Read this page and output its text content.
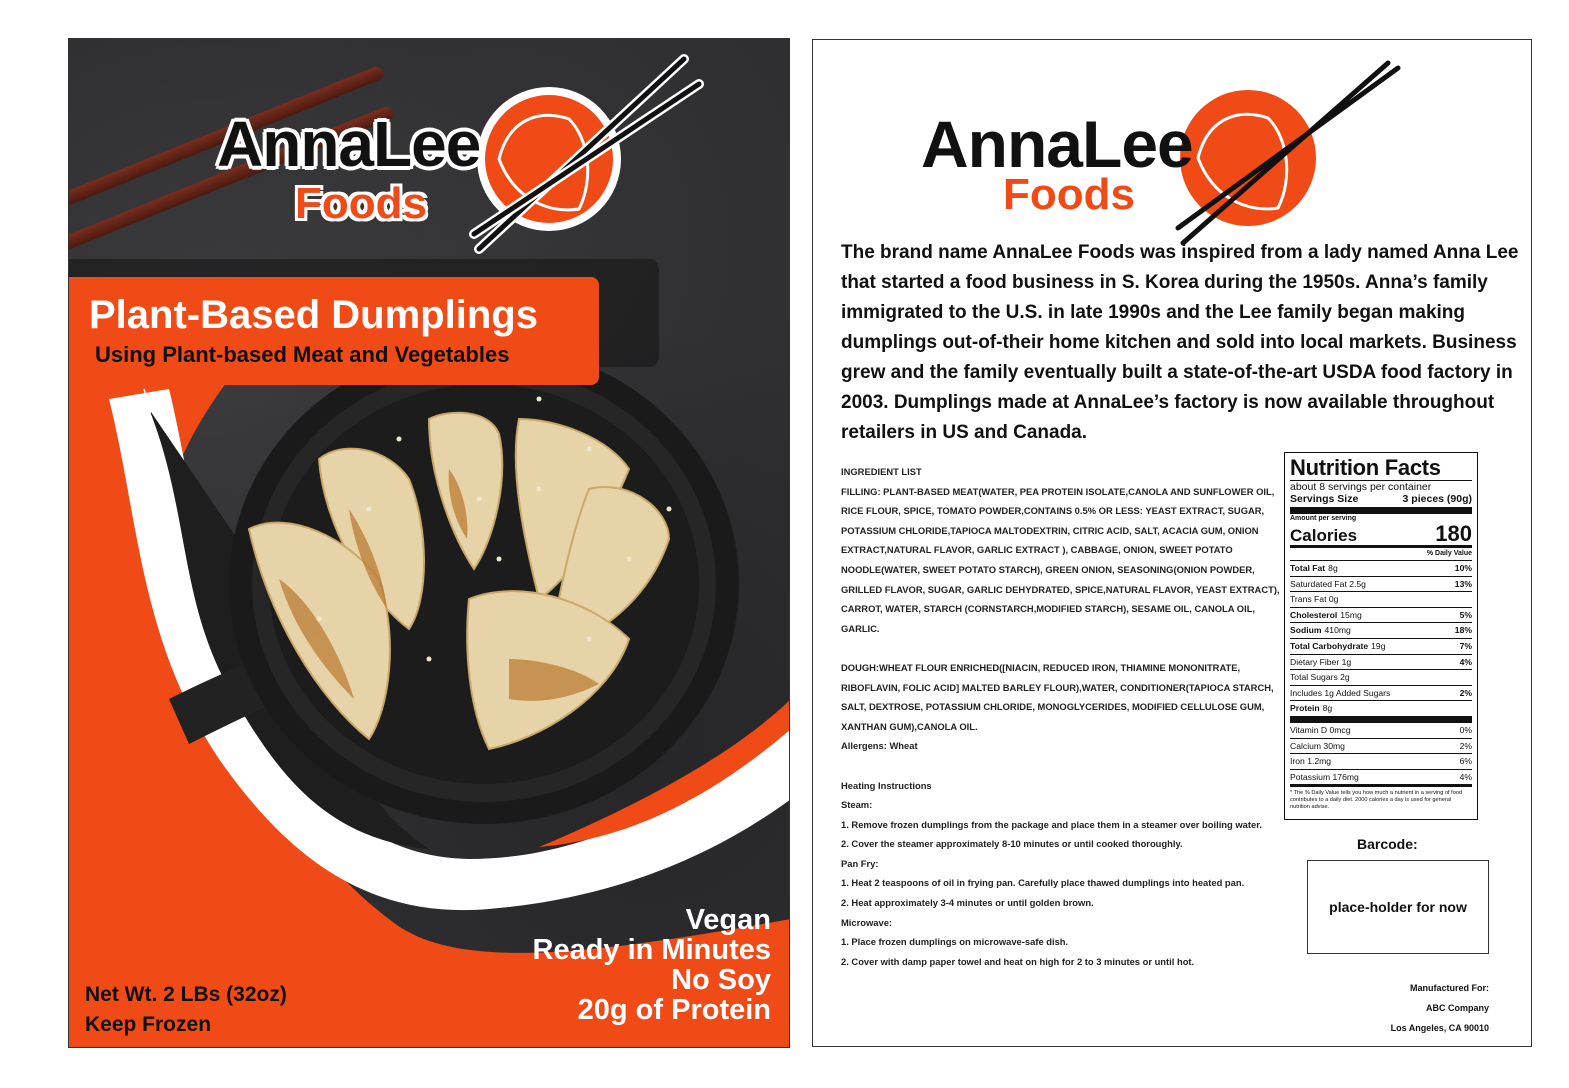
AnnaLee
Foods
Plant-Based Dumplings
Using Plant-based Meat and Vegetables
Vegan
Ready in Minutes
No Soy
20g of Protein
Net Wt. 2 LBs (32oz)
Keep Frozen
AnnaLee
Foods
The brand name AnnaLee Foods was inspired from a lady named Anna Lee that started a food business in S. Korea during the 1950s. Anna’s family immigrated to the U.S. in late 1990s and the Lee family began making dumplings out-of-their home kitchen and sold into local markets. Business grew and the family eventually built a state-of-the-art USDA food factory in 2003. Dumplings made at AnnaLee’s factory is now available throughout retailers in US and Canada.

INGREDIENT LIST

FILLING: PLANT-BASED MEAT(WATER, PEA PROTEIN ISOLATE,CANOLA AND SUNFLOWER OIL, RICE FLOUR, SPICE, TOMATO POWDER,CONTAINS 0.5% OR LESS: YEAST EXTRACT, SUGAR, POTASSIUM CHLORIDE,TAPIOCA MALTODEXTRIN, CITRIC ACID, SALT, ACACIA GUM, ONION EXTRACT,NATURAL FLAVOR, GARLIC EXTRACT ), CABBAGE, ONION, SWEET POTATO NOODLE(WATER, SWEET POTATO STARCH), GREEN ONION, SEASONING(ONION POWDER, GRILLED FLAVOR, SUGAR, GARLIC DEHYDRATED, SPICE,NATURAL FLAVOR, YEAST EXTRACT), CARROT, WATER, STARCH (CORNSTARCH,MODIFIED STARCH), SESAME OIL, CANOLA OIL, GARLIC.

DOUGH:WHEAT FLOUR ENRICHED([NIACIN, REDUCED IRON, THIAMINE MONONITRATE, RIBOFLAVIN, FOLIC ACID] MALTED BARLEY FLOUR),WATER, CONDITIONER(TAPIOCA STARCH, SALT, DEXTROSE, POTASSIUM CHLORIDE, MONOGLYCERIDES, MODIFIED CELLULOSE GUM, XANTHAN GUM),CANOLA OIL.

Allergens: Wheat

Heating Instructions

Steam:

1. Remove frozen dumplings from the package and place them in a steamer over boiling water.

2. Cover the steamer approximately 8-10 minutes or until cooked thoroughly.

Pan Fry:

1. Heat 2 teaspoons of oil in frying pan. Carefully place thawed dumplings into heated pan.

2. Heat approximately 3-4 minutes or until golden brown.

Microwave:

1. Place frozen dumplings on microwave-safe dish.

2. Cover with damp paper towel and heat on high for 2 to 3 minutes or until hot.

Nutrition Facts
about 8 servings per container
Servings Size	3 pieces (90g)
Amount per serving
Calories	180
% Daily Value
Total Fat 8g	10%
Saturdated Fat 2.5g	13%
Trans Fat 0g
Cholesterol 15mg	5%
Sodium 410mg	18%
Total Carbohydrate 19g	7%
Dietary Fiber 1g	4%
Total Sugars 2g
Includes 1g Added Sugars	2%
Protein 8g
Vitamin D 0mcg	0%
Calcium 30mg	2%
Iron 1.2mg	6%
Potassium 176mg	4%
* The % Daily Value tells you how much a nutrient in a serving of food contributes to a daily diet. 2000 calories a day is used for general nutrition advise.
Barcode:
place-holder for now
Manufactured For:
ABC Company
Los Angeles, CA 90010
